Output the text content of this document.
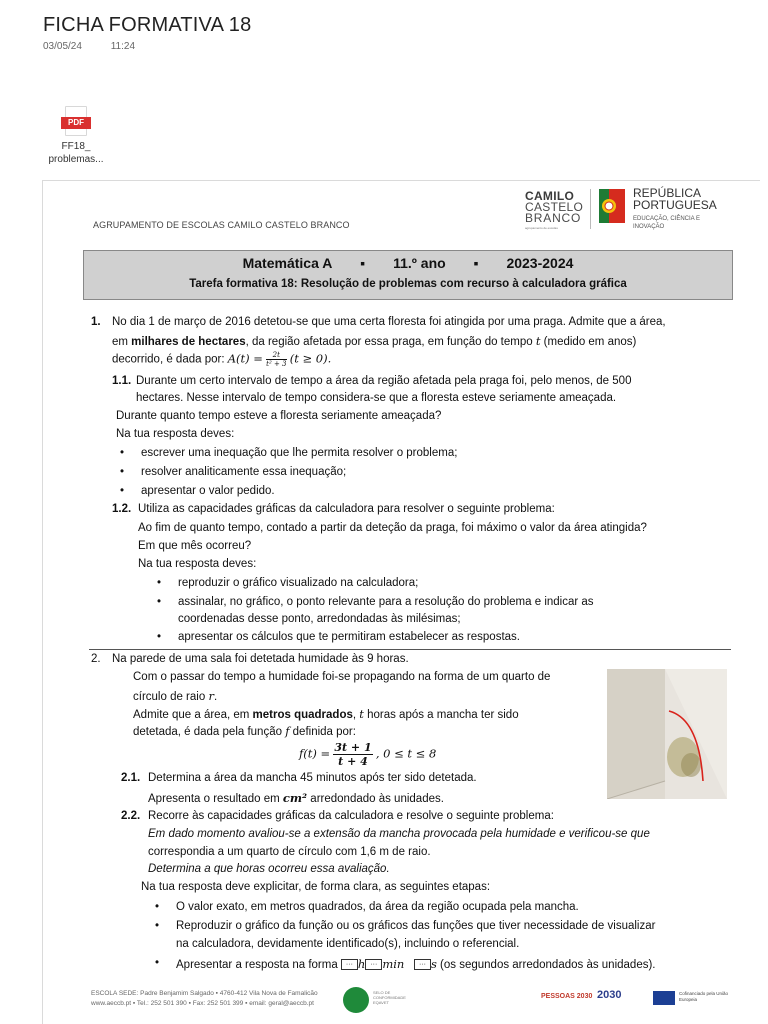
FICHA FORMATIVA 18
03/05/24	11:24
PDF
FF18_
problemas...
CAMILO
CASTELO
BRANCO
agrupamento de escolas
REPÚBLICA
PORTUGUESA
EDUCAÇÃO, CIÊNCIA E INOVAÇÃO
AGRUPAMENTO DE ESCOLAS CAMILO CASTELO BRANCO
Matemática A ▪ 11.º ano ▪ 2023-2024
Tarefa formativa 18: Resolução de problemas com recurso à calculadora gráfica
1. No dia 1 de março de 2016 detetou-se que uma certa floresta foi atingida por uma praga. Admite que a área,
em milhares de hectares, da região afetada por essa praga, em função do tempo t (medido em anos)
decorrido, é dada por: $A(t) = \frac{2t}{\text{t² + 3}} (t \ge 0)$.
1.1. Durante um certo intervalo de tempo a área da região afetada pela praga foi, pelo menos, de 500
hectares. Nesse intervalo de tempo considera-se que a floresta esteve seriamente ameaçada.
Durante quanto tempo esteve a floresta seriamente ameaçada?
Na tua resposta deves:
• escrever uma inequação que lhe permita resolver o problema;
• resolver analiticamente essa inequação;
• apresentar o valor pedido.
1.2. Utiliza as capacidades gráficas da calculadora para resolver o seguinte problema:
Ao fim de quanto tempo, contado a partir da deteção da praga, foi máximo o valor da área atingida?
Em que mês ocorreu?
Na tua resposta deves:
• reproduzir o gráfico visualizado na calculadora;
• assinalar, no gráfico, o ponto relevante para a resolução do problema e indicar as
coordenadas desse ponto, arredondadas às milésimas;
• apresentar os cálculos que te permitiram estabelecer as respostas.
2. Na parede de uma sala foi detetada humidade às 9 horas.
Com o passar do tempo a humidade foi-se propagando na forma de um quarto de
círculo de raio r.
Admite que a área, em metros quadrados, t horas após a mancha ter sido
detetada, é dada pela função f definida por:
$f(t) = \frac{3t + 1}{t + 4}$ , 0 ≤ t ≤ 8
2.1. Determina a área da mancha 45 minutos após ter sido detetada.
Apresenta o resultado em cm² arredondado às unidades.
2.2. Recorre às capacidades gráficas da calculadora e resolve o seguinte problema:
Em dado momento avaliou-se a extensão da mancha provocada pela humidade e verificou-se que
correspondia a um quarto de círculo com 1,6 m de raio.
Determina a que horas ocorreu essa avaliação.
Na tua resposta deve explicitar, de forma clara, as seguintes etapas:
• O valor exato, em metros quadrados, da área da região ocupada pela mancha.
• Reproduzir o gráfico da função ou os gráficos das funções que tiver necessidade de visualizar
na calculadora, devidamente identificado(s), incluindo o referencial.
• Apresentar a resposta na forma ··· h ··· min ··· s (os segundos arredondados às unidades).
ESCOLA SEDE: Padre Benjamim Salgado ▪ 4760-412 Vila Nova de Famalicão
www.aeccb.pt ▪ Tel.: 252 501 390 ▪ Fax: 252 501 399 ▪ email: geral@aeccb.pt
SELO DE CONFORMIDADE EQAVET
PESSOAS 2030 2030	Cofinanciado pela União Europeia
